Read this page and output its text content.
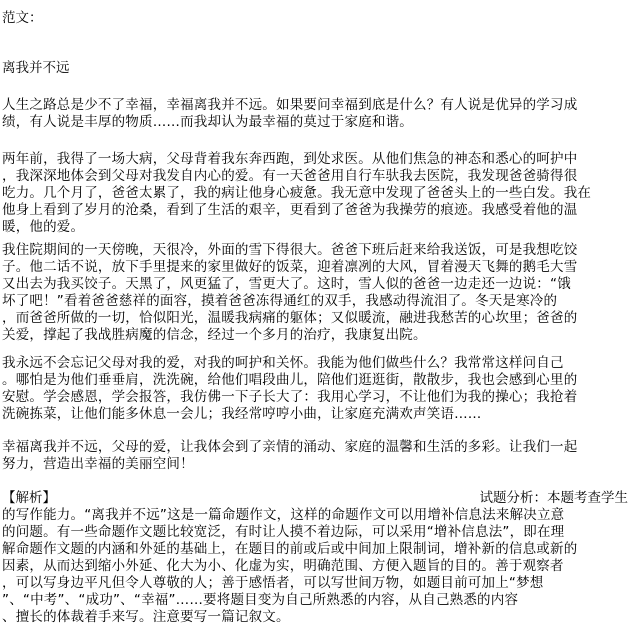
范文：
离我并不远
人生之路总是少不了幸福，幸福离我并不远。如果要问幸福到底是什么？有人说是优异的学习成
绩，有人说是丰厚的物质……而我却认为最幸福的莫过于家庭和谐。
两年前，我得了一场大病，父母背着我东奔西跑，到处求医。从他们焦急的神态和悉心的呵护中
，我深深地体会到父母对我发自内心的爱。有一天爸爸用自行车驮我去医院，我发现爸爸骑得很
吃力。几个月了，爸爸太累了，我的病让他身心疲惫。我无意中发现了爸爸头上的一些白发。我在
他身上看到了岁月的沧桑，看到了生活的艰辛，更看到了爸爸为我操劳的痕迹。我感受着他的温
暖，他的爱。
我住院期间的一天傍晚，天很冷，外面的雪下得很大。爸爸下班后赶来给我送饭，可是我想吃饺
子。他二话不说，放下手里提来的家里做好的饭菜，迎着凛冽的大风，冒着漫天飞舞的鹅毛大雪
又出去为我买饺子。天黑了，风更猛了，雪更大了。这时，雪人似的爸爸一边走还一边说：“饿
坏了吧！”看着爸爸慈祥的面容，摸着爸爸冻得通红的双手，我感动得流泪了。冬天是寒冷的
，而爸爸所做的一切，恰似阳光，温暖我病痛的躯体；又似暖流，融进我愁苦的心坎里；爸爸的
关爱，撑起了我战胜病魔的信念，经过一个多月的治疗，我康复出院。
我永远不会忘记父母对我的爱，对我的呵护和关怀。我能为他们做些什么？我常常这样问自己
。哪怕是为他们垂垂肩，洗洗碗，给他们唱段曲儿，陪他们逛逛街，散散步，我也会感到心里的
安慰。学会感恩，学会报答，我仿佛一下子长大了：我用心学习，不让他们为我的操心；我抢着
洗碗拣菜，让他们能多休息一会儿；我经常哼哼小曲，让家庭充满欢声笑语……
幸福离我并不远，父母的爱，让我体会到了亲情的涌动、家庭的温馨和生活的多彩。让我们一起
努力，营造出幸福的美丽空间！
【解析】	试题分析：本题考查学生
的写作能力。“离我并不远”这是一篇命题作文，这样的命题作文可以用增补信息法来解决立意
的问题。有一些命题作文题比较宽泛，有时让人摸不着边际，可以采用“增补信息法”，即在理
解命题作文题的内涵和外延的基础上，在题目的前或后或中间加上限制词，增补新的信息或新的
因素，从而达到缩小外延、化大为小、化虚为实，明确范围、方便入题旨的目的。善于观察者
，可以写身边平凡但令人尊敬的人；善于感悟者，可以写世间万物，如题目前可加上“梦想
”、“中考”、“成功”、“幸福”……要将题目变为自己所熟悉的内容，从自己熟悉的内容
、擅长的体裁着手来写。注意要写一篇记叙文。
